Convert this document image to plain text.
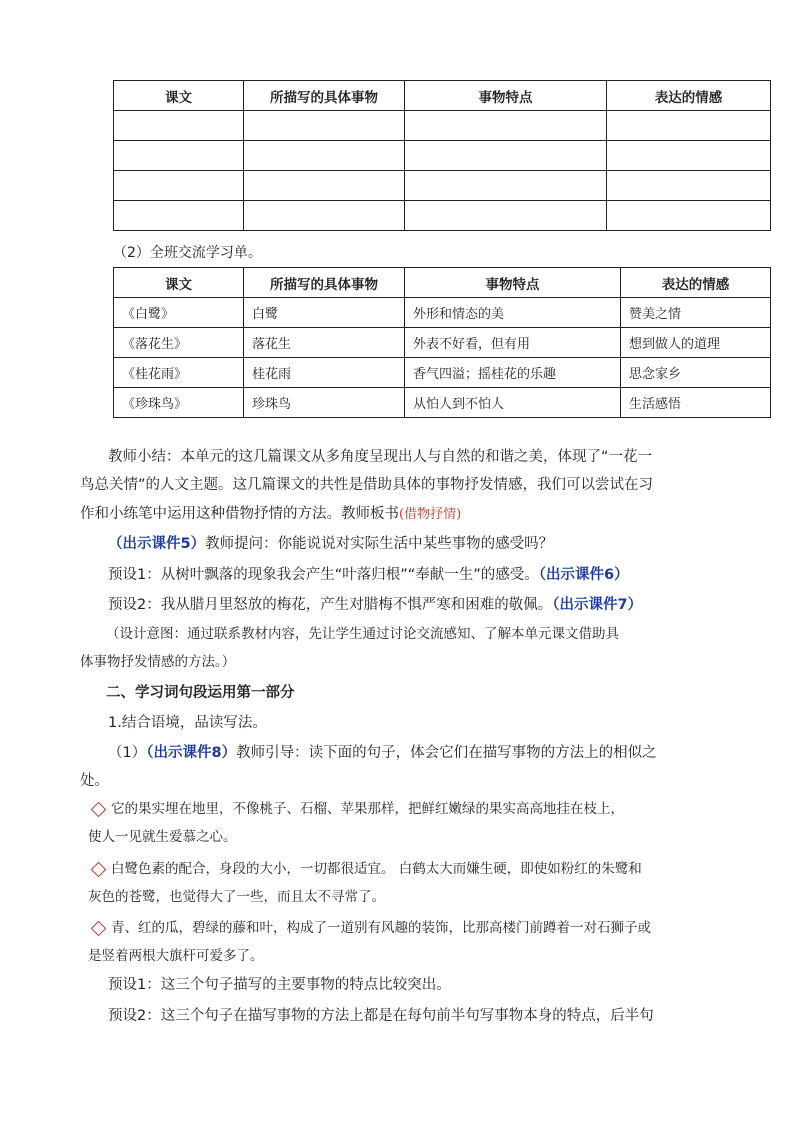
课文	所描写的具体事物	事物特点	表达的情感

（2）全班交流学习单。
课文	所描写的具体事物	事物特点	表达的情感
《白鹭》	白鹭	外形和情态的美	赞美之情
《落花生》	落花生	外表不好看，但有用	想到做人的道理
《桂花雨》	桂花雨	香气四溢；摇桂花的乐趣	思念家乡
《珍珠鸟》	珍珠鸟	从怕人到不怕人	生活感悟
教师小结：本单元的这几篇课文从多角度呈现出人与自然的和谐之美，体现了“一花一
鸟总关情”的人文主题。这几篇课文的共性是借助具体的事物抒发情感，我们可以尝试在习
作和小练笔中运用这种借物抒情的方法。教师板书(借物抒情)
（出示课件5）教师提问：你能说说对实际生活中某些事物的感受吗？
预设1：从树叶飘落的现象我会产生“叶落归根”“奉献一生”的感受。（出示课件6）
预设2：我从腊月里怒放的梅花，产生对腊梅不惧严寒和困难的敬佩。（出示课件7）
（设计意图：通过联系教材内容，先让学生通过讨论交流感知、了解本单元课文借助具
体事物抒发情感的方法。）
二、学习词句段运用第一部分
1.结合语境，品读写法。
（1）（出示课件8）教师引导：读下面的句子，体会它们在描写事物的方法上的相似之
处。
它的果实埋在地里，不像桃子、石榴、苹果那样，把鲜红嫩绿的果实高高地挂在枝上，
使人一见就生爱慕之心。
白鹭色素的配合，身段的大小，一切都很适宜。 白鹤太大而嫌生硬，即使如粉红的朱鹭和
灰色的苍鹭，也觉得大了一些，而且太不寻常了。
青、红的瓜，碧绿的藤和叶，构成了一道别有风趣的装饰，比那高楼门前蹲着一对石狮子或
是竖着两根大旗杆可爱多了。
预设1：这三个句子描写的主要事物的特点比较突出。
预设2：这三个句子在描写事物的方法上都是在每句前半句写事物本身的特点，后半句
